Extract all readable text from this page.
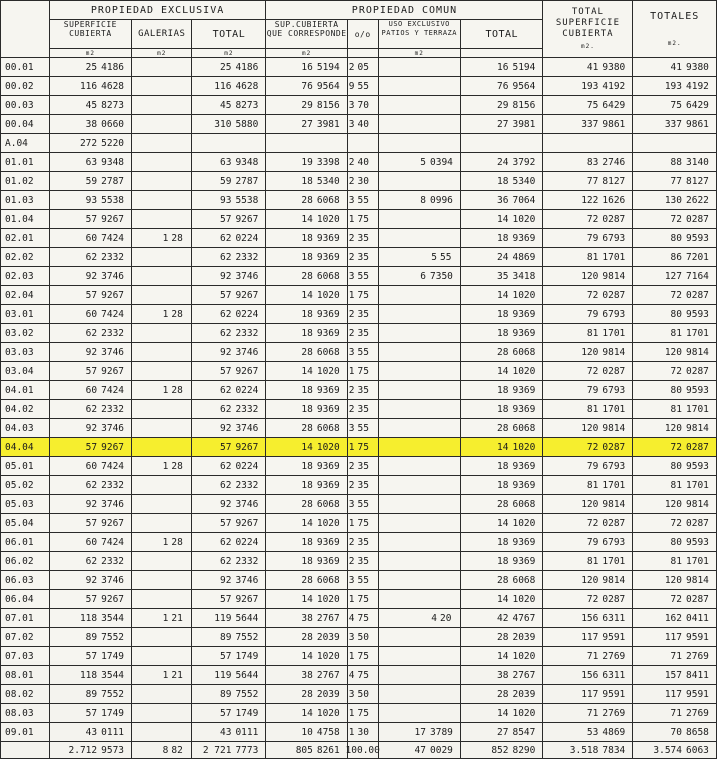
	PROPIEDAD EXCLUSIVA			PROPIEDAD COMUN				TOTAL SUPERFICIE CUBIERTA
m2.	TOTALES
m2.

	SUPERFICIE CUBIERTA	GALERIAS	TOTAL	SUP.CUBIERTA QUE CORRESPONDE	o/o	USO EXCLUSIVO PATIOS Y TERRAZA	TOTAL		
	m2	m2	m2	m2		m2			
00.01	25 4186		25 4186	16 5194	2 05		16 5194	41 9380	41 9380

00.02	116 4628		116 4628	76 9564	9 55		76 9564	193 4192	193 4192

00.03	45 8273		45 8273	29 8156	3 70		29 8156	75 6429	75 6429

00.04	38 0660		310 5880	27 3981	3 40		27 3981	337 9861	337 9861

A.04	272 5220								

01.01	63 9348		63 9348	19 3398	2 40	5 0394	24 3792	83 2746	88 3140

01.02	59 2787		59 2787	18 5340	2 30		18 5340	77 8127	77 8127

01.03	93 5538		93 5538	28 6068	3 55	8 0996	36 7064	122 1626	130 2622

01.04	57 9267		57 9267	14 1020	1 75		14 1020	72 0287	72 0287

02.01	60 7424	1 28	62 0224	18 9369	2 35		18 9369	79 6793	80 9593

02.02	62 2332		62 2332	18 9369	2 35	5 55	24 4869	81 1701	86 7201

02.03	92 3746		92 3746	28 6068	3 55	6 7350	35 3418	120 9814	127 7164

02.04	57 9267		57 9267	14 1020	1 75		14 1020	72 0287	72 0287

03.01	60 7424	1 28	62 0224	18 9369	2 35		18 9369	79 6793	80 9593

03.02	62 2332		62 2332	18 9369	2 35		18 9369	81 1701	81 1701

03.03	92 3746		92 3746	28 6068	3 55		28 6068	120 9814	120 9814

03.04	57 9267		57 9267	14 1020	1 75		14 1020	72 0287	72 0287

04.01	60 7424	1 28	62 0224	18 9369	2 35		18 9369	79 6793	80 9593

04.02	62 2332		62 2332	18 9369	2 35		18 9369	81 1701	81 1701

04.03	92 3746		92 3746	28 6068	3 55		28 6068	120 9814	120 9814

04.04	57 9267		57 9267	14 1020	1 75		14 1020	72 0287	72 0287

05.01	60 7424	1 28	62 0224	18 9369	2 35		18 9369	79 6793	80 9593

05.02	62 2332		62 2332	18 9369	2 35		18 9369	81 1701	81 1701

05.03	92 3746		92 3746	28 6068	3 55		28 6068	120 9814	120 9814

05.04	57 9267		57 9267	14 1020	1 75		14 1020	72 0287	72 0287

06.01	60 7424	1 28	62 0224	18 9369	2 35		18 9369	79 6793	80 9593

06.02	62 2332		62 2332	18 9369	2 35		18 9369	81 1701	81 1701

06.03	92 3746		92 3746	28 6068	3 55		28 6068	120 9814	120 9814

06.04	57 9267		57 9267	14 1020	1 75		14 1020	72 0287	72 0287

07.01	118 3544	1 21	119 5644	38 2767	4 75	4 20	42 4767	156 6311	162 0411

07.02	89 7552		89 7552	28 2039	3 50		28 2039	117 9591	117 9591

07.03	57 1749		57 1749	14 1020	1 75		14 1020	71 2769	71 2769

08.01	118 3544	1 21	119 5644	38 2767	4 75		38 2767	156 6311	157 8411

08.02	89 7552		89 7552	28 2039	3 50		28 2039	117 9591	117 9591

08.03	57 1749		57 1749	14 1020	1 75		14 1020	71 2769	71 2769

09.01	43 0111		43 0111	10 4758	1 30	17 3789	27 8547	53 4869	70 8658

	2.712 9573	8 82	2 721 7773	805 8261	100.00	47 0029	852 8290	3.518 7834	3.574 6063
